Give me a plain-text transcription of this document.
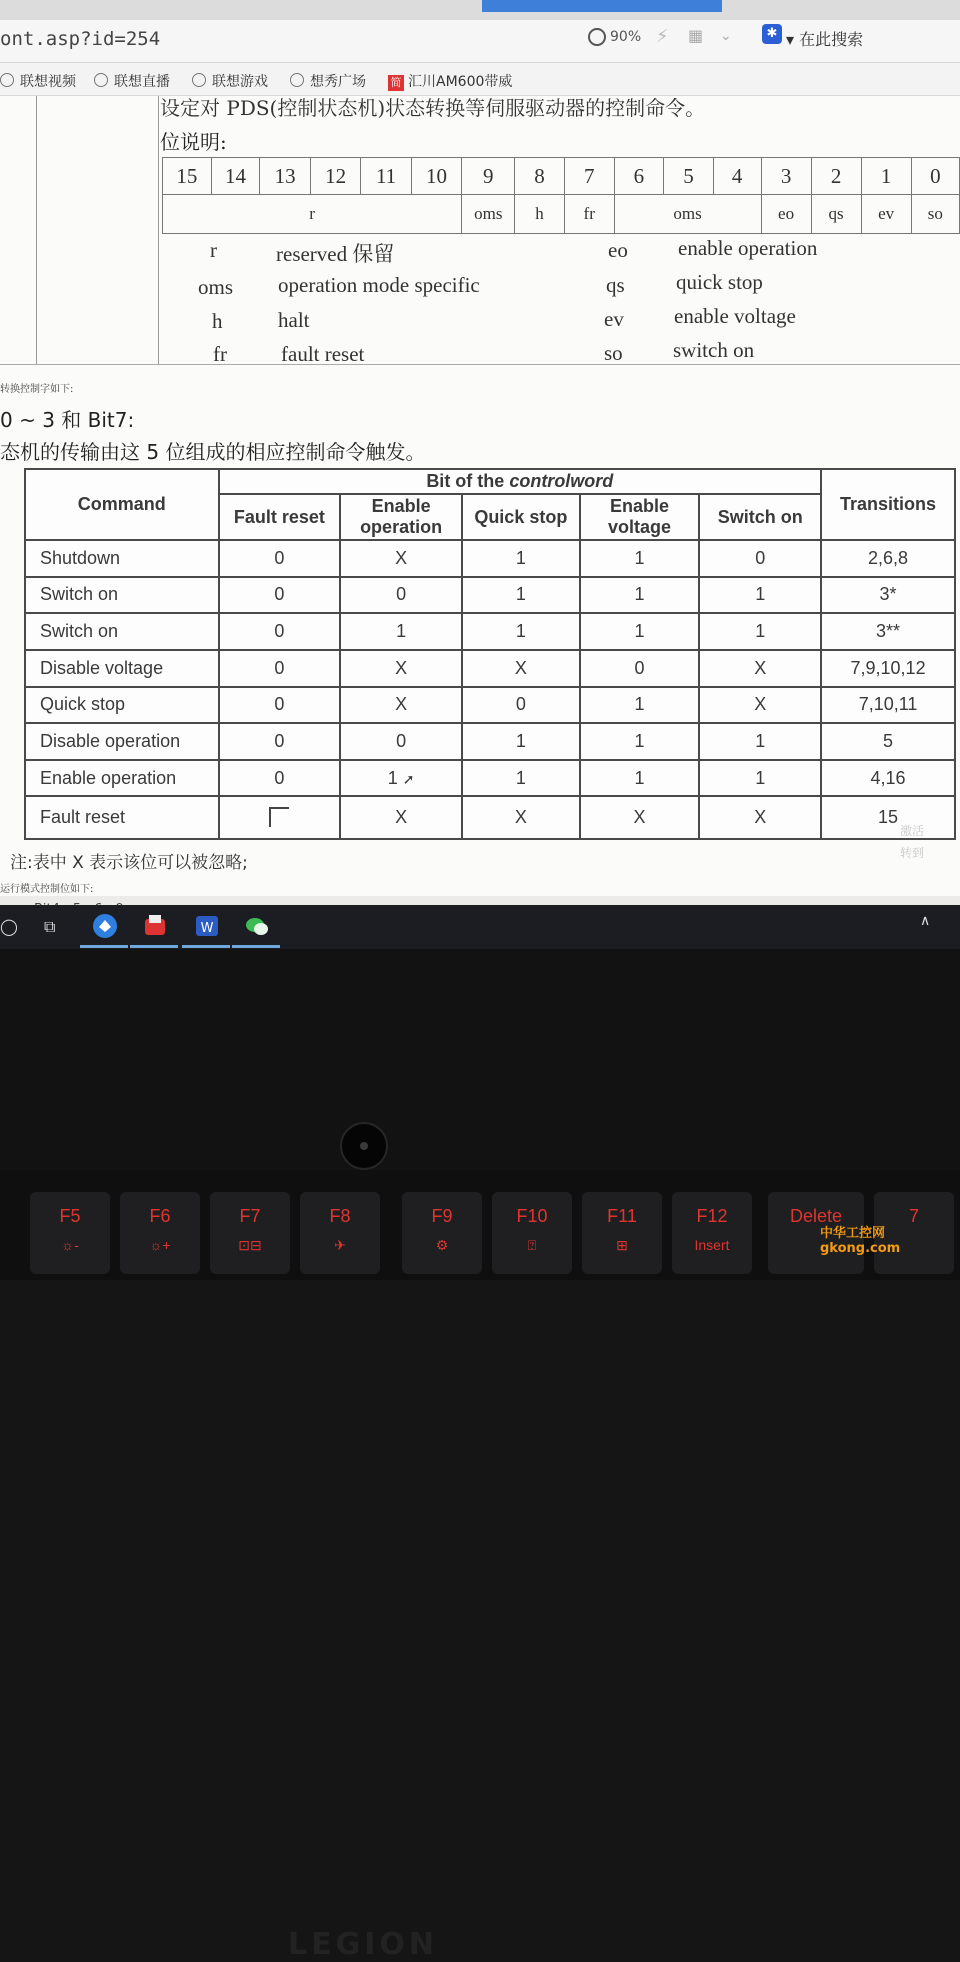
ont.asp?id=254	90% ⚡ ▦ ⌄	✱ ▾ 在此搜索
联想视频	联想直播	联想游戏	想秀广场 简 汇川AM600带威
设定对 PDS(控制状态机)状态转换等伺服驱动器的控制命令。
位说明:
15	14	13	12	11	10	9	8	7	6	5	4	3	2	1	0
r						oms	h	fr	oms			eo	qs	ev	so
r	reserved 保留	eo enable operation
oms operation mode specific	qs quick stop
h	halt	ev enable voltage
fr	fault reset	so switch on
转换控制字如下:
0 ~ 3 和 Bit7:
态机的传输由这 5 位组成的相应控制命令触发。
Command	Bit of the controlword					Transitions
	Fault reset	Enable operation	Quick stop	Enable voltage	Switch on	
Shutdown	0	X	1	1	0	2,6,8
Switch on	0	0	1	1	1	3*
Switch on	0	1	1	1	1	3**
Disable voltage	0	X	X	0	X	7,9,10,12
Quick stop	0	X	0	1	X	7,10,11
Disable operation	0	0	1	1	1	5
Enable operation	0	1 ➚	1	1	1	4,16
Fault reset		X	X	X	X	15
注:表中 X 表示该位可以被忽略;
运行模式控制位如下:
激活
转到
◯ ⧉	W	∧
LEGION
F5
☼-
F6
☼+
F7
⊡⊟
F8
✈
F9
⚙
F10
⍰
F11
⊞
F12
Insert
Delete	7
中华工控网 gkong.com
